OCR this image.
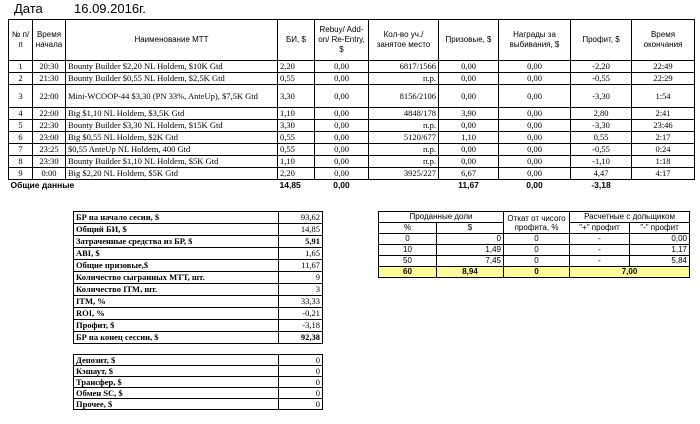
Дата 16.09.2016г.
№ п/п	Время начала	Наименование МТТ	БИ, $	Rebuy/ Add-on/ Re-Entry, $	Кол-во уч./ занятое место	Призовые, $	Награды за выбивания, $	Профит, $	Время окончания
1	20:30	Bounty Builder $2,20 NL Holdem, $10K Gtd	2,20	0,00	6817/1566	0,00	0,00	-2,20	22:49
2	21:30	Bounty Builder $0,55 NL Holdem, $2,5K Gtd	0,55	0,00	п.р.	0,00	0,00	-0,55	22:29
3	22:00	Mini-WCOOP-44 $3,30 (PN 33%, AnteUp), $7,5K Gtd	3,30	0,00	8156/2106	0,00	0,00	-3,30	1:54
4	22:00	Big $1,10 NL Holdem, $3,5K Gtd	1,10	0,00	4848/178	3,90	0,00	2,80	2:41
5	22:30	Bounty Builder $3,30 NL Holdem, $15K Gtd	3,30	0,00	п.р.	0,00	0,00	-3,30	23:46
6	23:00	Big $0,55 NL Holdem, $2K Gtd	0,55	0,00	5120/677	1,10	0,00	0,55	2:17
7	23:25	$0,55 AnteUp NL Holdem, 400 Gtd	0,55	0,00	п.р.	0,00	0,00	-0,55	0:24
8	23:30	Bounty Builder $1,10 NL Holdem, $5K Gtd	1,10	0,00	п.р.	0,00	0,00	-1,10	1:18
9	0:00	Big $2,20 NL Holdem, $5K Gtd	2,20	0,00	3925/227	6,67	0,00	4,47	4:17
Общие данные			14,85	0,00		11,67	0,00	-3,18	
БР на начало сесии, $	93,62
Общий БИ, $	14,85
Затраченные средства из БР, $	5,91
ABI, $	1,65
Общие призовые,$	11,67
Количество сыгранных МТТ, шт.	9
Количество ITM, шт.	3
ITM, %	33,33
ROI, %	-0,21
Профит, $	-3,18
БР на конец сессии, $	92,38
Депозит, $	0
Кэшаут, $	0
Трансфер, $	0
Обмен SC, $	0
Прочее, $	0
Проданные доли		Откат от чисого профита, %	Расчетные с дольщиком	
%	$		"+" профит	"-" профит
0	0	0	-	0,00
10	1,49	0	-	1,17
50	7,45	0	-	5,84
60	8,94	0	7,00	
